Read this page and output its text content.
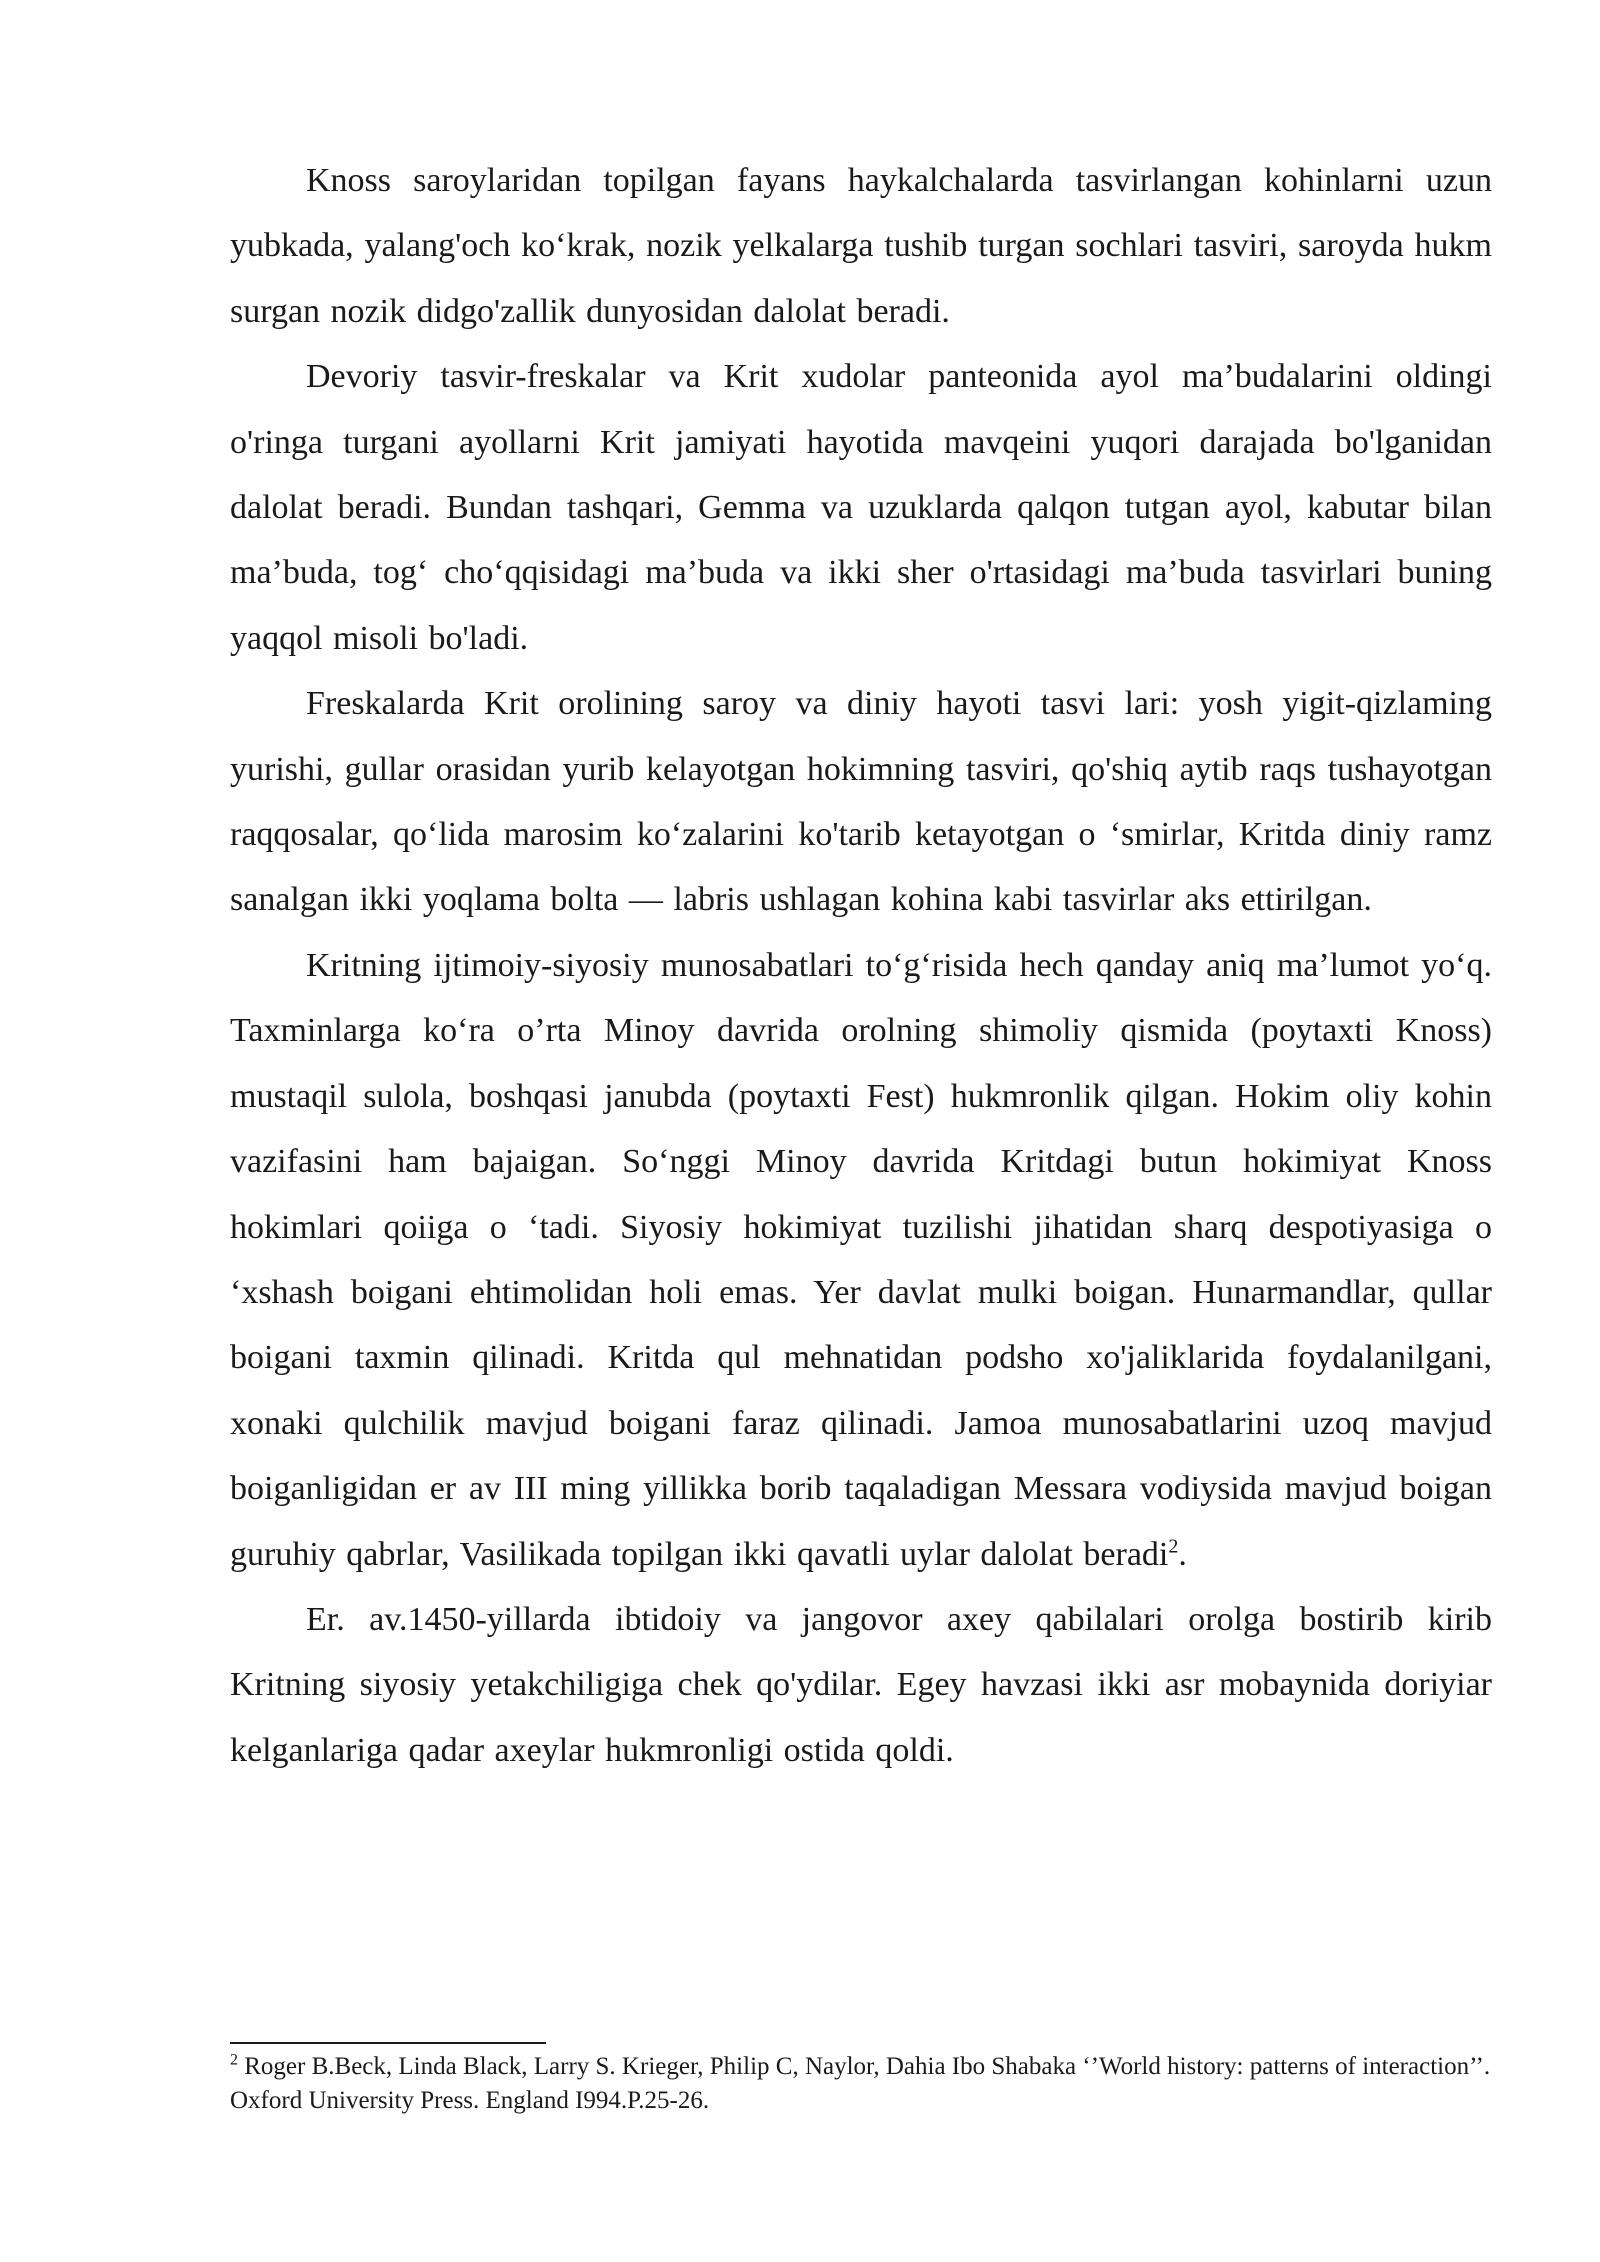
Knoss saroylaridan topilgan fayans haykalchalarda tasvirlangan kohinlarni uzun yubkada, yalang'och ko‘krak, nozik yelkalarga tushib turgan sochlari tasviri, saroyda hukm surgan nozik didgo'zallik dunyosidan dalolat beradi.

Devoriy tasvir-freskalar va Krit xudolar panteonida ayol ma’budalarini oldingi o'ringa turgani ayollarni Krit jamiyati hayotida mavqeini yuqori darajada bo'lganidan dalolat beradi. Bundan tashqari, Gemma va uzuklarda qalqon tutgan ayol, kabutar bilan ma’buda, tog‘ cho‘qqisidagi ma’buda va ikki sher o'rtasidagi ma’buda tasvirlari buning yaqqol misoli bo'ladi.

Freskalarda Krit orolining saroy va diniy hayoti tasvi lari: yosh yigit-qizlaming yurishi, gullar orasidan yurib kelayotgan hokimning tasviri, qo'shiq aytib raqs tushayotgan raqqosalar, qo‘lida marosim ko‘zalarini ko'tarib ketayotgan o ‘smirlar, Kritda diniy ramz sanalgan ikki yoqlama bolta — labris ushlagan kohina kabi tasvirlar aks ettirilgan.

Kritning ijtimoiy-siyosiy munosabatlari to‘g‘risida hech qanday aniq ma’lumot yo‘q. Taxminlarga ko‘ra o’rta Minoy davrida orolning shimoliy qismida (poytaxti Knoss) mustaqil sulola, boshqasi janubda (poytaxti Fest) hukmronlik qilgan. Hokim oliy kohin vazifasini ham bajaigan. So‘nggi Minoy davrida Kritdagi butun hokimiyat Knoss hokimlari qoiiga o ‘tadi. Siyosiy hokimiyat tuzilishi jihatidan sharq despotiyasiga o ‘xshash boigani ehtimolidan holi emas. Yer davlat mulki boigan. Hunarmandlar, qullar boigani taxmin qilinadi. Kritda qul mehnatidan podsho xo'jaliklarida foydalanilgani, xonaki qulchilik mavjud boigani faraz qilinadi. Jamoa munosabatlarini uzoq mavjud boiganligidan er av III ming yillikka borib taqaladigan Messara vodiysida mavjud boigan guruhiy qabrlar, Vasilikada topilgan ikki qavatli uylar dalolat beradi$^2$.

Er. av.1450-yillarda ibtidoiy va jangovor axey qabilalari orolga bostirib kirib Kritning siyosiy yetakchiligiga chek qo'ydilar. Egey havzasi ikki asr mobaynida doriyiar kelganlariga qadar axeylar hukmronligi ostida qoldi.

$^2$ Roger B.Beck, Linda Black, Larry S. Krieger, Philip C, Naylor, Dahia Ibo Shabaka ‘’World history: patterns of interaction’’. Oxford University Press. England I994.P.25-26.
